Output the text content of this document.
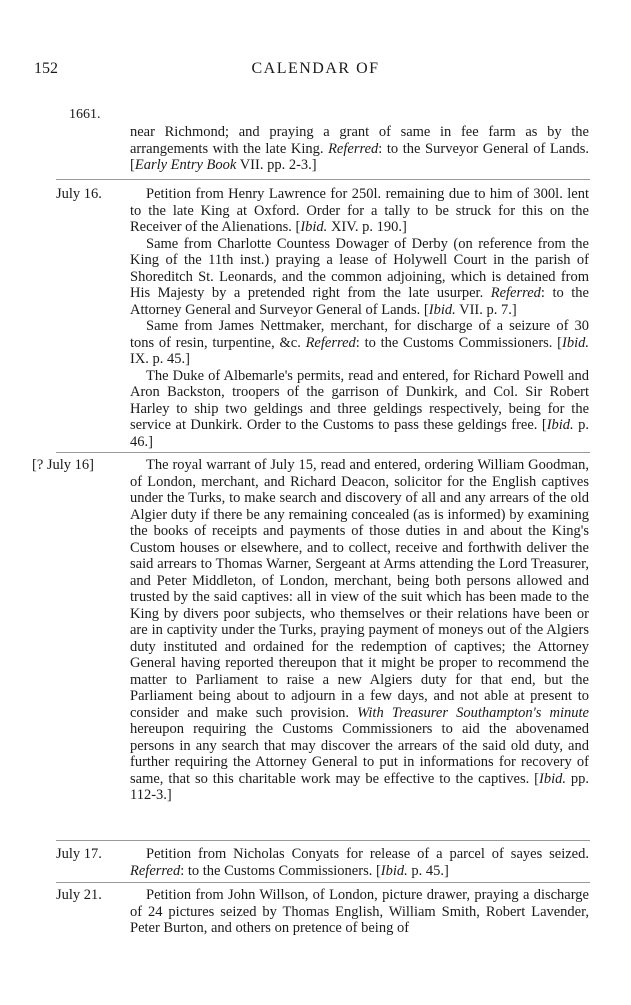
152	CALENDAR OF
1661.

near Richmond; and praying a grant of same in fee farm as by the arrangements with the late King. Referred: to the Surveyor General of Lands. [Early Entry Book VII. pp. 2-3.]

July 16.	Petition from Henry Lawrence for 250l. remaining due to him of 300l. lent to the late King at Oxford. Order for a tally to be struck for this on the Receiver of the Alienations. [Ibid. XIV. p. 190.]

Same from Charlotte Countess Dowager of Derby (on reference from the King of the 11th inst.) praying a lease of Holywell Court in the parish of Shoreditch St. Leonards, and the common adjoining, which is detained from His Majesty by a pretended right from the late usurper. Referred: to the Attorney General and Surveyor General of Lands. [Ibid. VII. p. 7.]

Same from James Nettmaker, merchant, for discharge of a seizure of 30 tons of resin, turpentine, &c. Referred: to the Customs Commissioners. [Ibid. IX. p. 45.]

The Duke of Albemarle's permits, read and entered, for Richard Powell and Aron Backston, troopers of the garrison of Dunkirk, and Col. Sir Robert Harley to ship two geldings and three geldings respectively, being for the service at Dunkirk. Order to the Customs to pass these geldings free. [Ibid. p. 46.]

[? July 16]	The royal warrant of July 15, read and entered, ordering William Goodman, of London, merchant, and Richard Deacon, solicitor for the English captives under the Turks, to make search and discovery of all and any arrears of the old Algier duty if there be any remaining concealed (as is informed) by examining the books of receipts and payments of those duties in and about the King's Custom houses or elsewhere, and to collect, receive and forthwith deliver the said arrears to Thomas Warner, Sergeant at Arms attending the Lord Treasurer, and Peter Middleton, of London, merchant, being both persons allowed and trusted by the said captives: all in view of the suit which has been made to the King by divers poor subjects, who themselves or their relations have been or are in captivity under the Turks, praying payment of moneys out of the Algiers duty instituted and ordained for the redemption of captives; the Attorney General having reported thereupon that it might be proper to recommend the matter to Parliament to raise a new Algiers duty for that end, but the Parliament being about to adjourn in a few days, and not able at present to consider and make such provision. With Treasurer Southampton's minute hereupon requiring the Customs Commissioners to aid the abovenamed persons in any search that may discover the arrears of the said old duty, and further requiring the Attorney General to put in informations for recovery of same, that so this charitable work may be effective to the captives. [Ibid. pp. 112-3.]

July 17.	Petition from Nicholas Conyats for release of a parcel of sayes seized. Referred: to the Customs Commissioners. [Ibid. p. 45.]

July 21.	Petition from John Willson, of London, picture drawer, praying a discharge of 24 pictures seized by Thomas English, William Smith, Robert Lavender, Peter Burton, and others on pretence of being of
